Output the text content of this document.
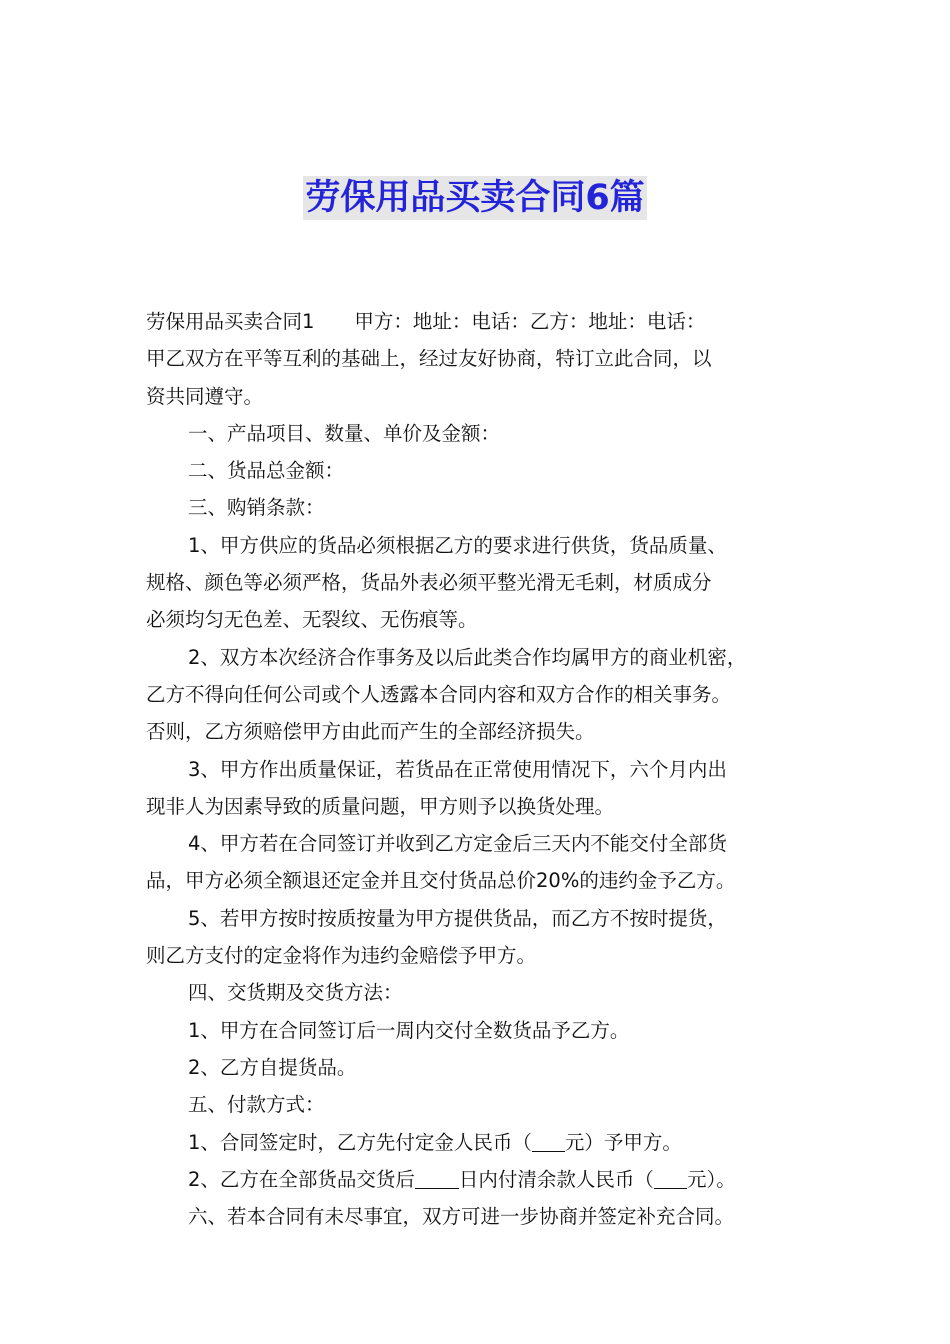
劳保用品买卖合同6篇

劳保用品买卖合同1 甲方：地址：电话：乙方：地址：电话：

甲乙双方在平等互利的基础上，经过友好协商，特订立此合同，以

资共同遵守。

一、产品项目、数量、单价及金额：

二、货品总金额：

三、购销条款：

1、甲方供应的货品必须根据乙方的要求进行供货，货品质量、

规格、颜色等必须严格，货品外表必须平整光滑无毛刺，材质成分

必须均匀无色差、无裂纹、无伤痕等。

2、双方本次经济合作事务及以后此类合作均属甲方的商业机密，

乙方不得向任何公司或个人透露本合同内容和双方合作的相关事务。

否则，乙方须赔偿甲方由此而产生的全部经济损失。

3、甲方作出质量保证，若货品在正常使用情况下，六个月内出

现非人为因素导致的质量问题，甲方则予以换货处理。

4、甲方若在合同签订并收到乙方定金后三天内不能交付全部货

品，甲方必须全额退还定金并且交付货品总价20%的违约金予乙方。

5、若甲方按时按质按量为甲方提供货品，而乙方不按时提货，

则乙方支付的定金将作为违约金赔偿予甲方。

四、交货期及交货方法：

1、甲方在合同签订后一周内交付全数货品予乙方。

2、乙方自提货品。

五、付款方式：

1、合同签定时，乙方先付定金人民币（ 元）予甲方。

2、乙方在全部货品交货后 日内付清余款人民币（ 元）。

六、若本合同有未尽事宜，双方可进一步协商并签定补充合同。
